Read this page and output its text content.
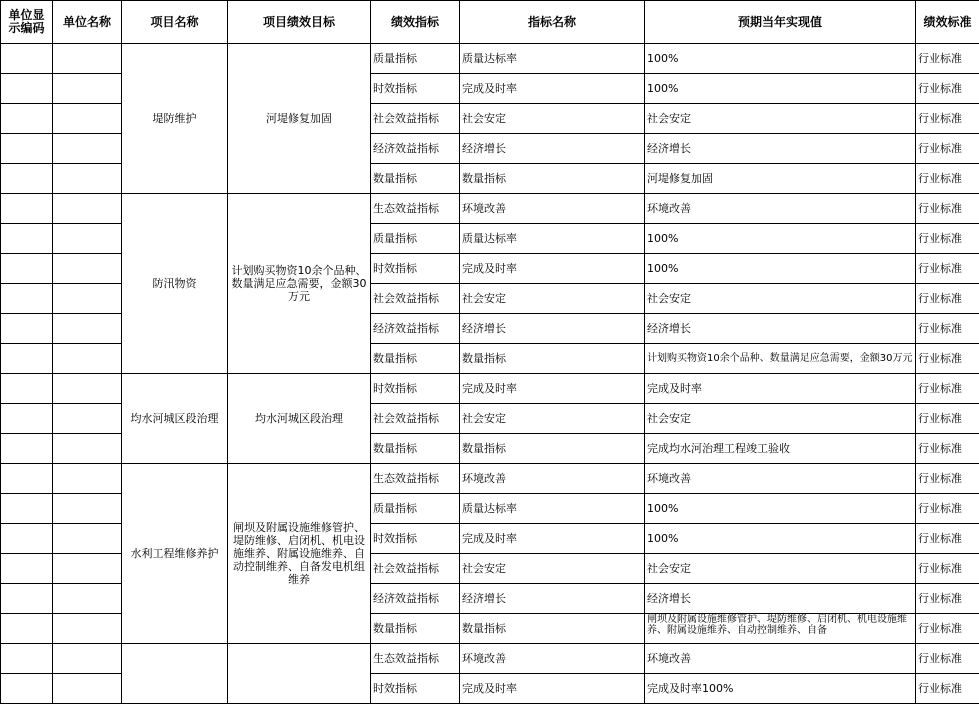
单位显示编码	单位名称	项目名称	项目绩效目标	绩效指标	指标名称	预期当年实现值	绩效标准
		堤防维护	河堤修复加固	质量指标	质量达标率	100%	行业标准
				时效指标	完成及时率	100%	行业标准
				社会效益指标	社会安定	社会安定	行业标准
				经济效益指标	经济增长	经济增长	行业标准
				数量指标	数量指标	河堤修复加固	行业标准
		防汛物资	计划购买物资10余个品种、数量满足应急需要，金额30万元	生态效益指标	环境改善	环境改善	行业标准
				质量指标	质量达标率	100%	行业标准
				时效指标	完成及时率	100%	行业标准
				社会效益指标	社会安定	社会安定	行业标准
				经济效益指标	经济增长	经济增长	行业标准
				数量指标	数量指标	计划购买物资10余个品种、数量满足应急需要，金额30万元	行业标准
		均水河城区段治理	均水河城区段治理	时效指标	完成及时率	完成及时率	行业标准
				社会效益指标	社会安定	社会安定	行业标准
				数量指标	数量指标	完成均水河治理工程竣工验收	行业标准
		水利工程维修养护	闸坝及附属设施维修管护、堤防维修、启闭机、机电设施维养、附属设施维养、自动控制维养、自备发电机组维养	生态效益指标	环境改善	环境改善	行业标准
				质量指标	质量达标率	100%	行业标准
				时效指标	完成及时率	100%	行业标准
				社会效益指标	社会安定	社会安定	行业标准
				经济效益指标	经济增长	经济增长	行业标准
				数量指标	数量指标	闸坝及附属设施维修管护、堤防维修、启闭机、机电设施维养、附属设施维养、自动控制维养、自备	行业标准
				生态效益指标	环境改善	环境改善	行业标准
				时效指标	完成及时率	完成及时率100%	行业标准
